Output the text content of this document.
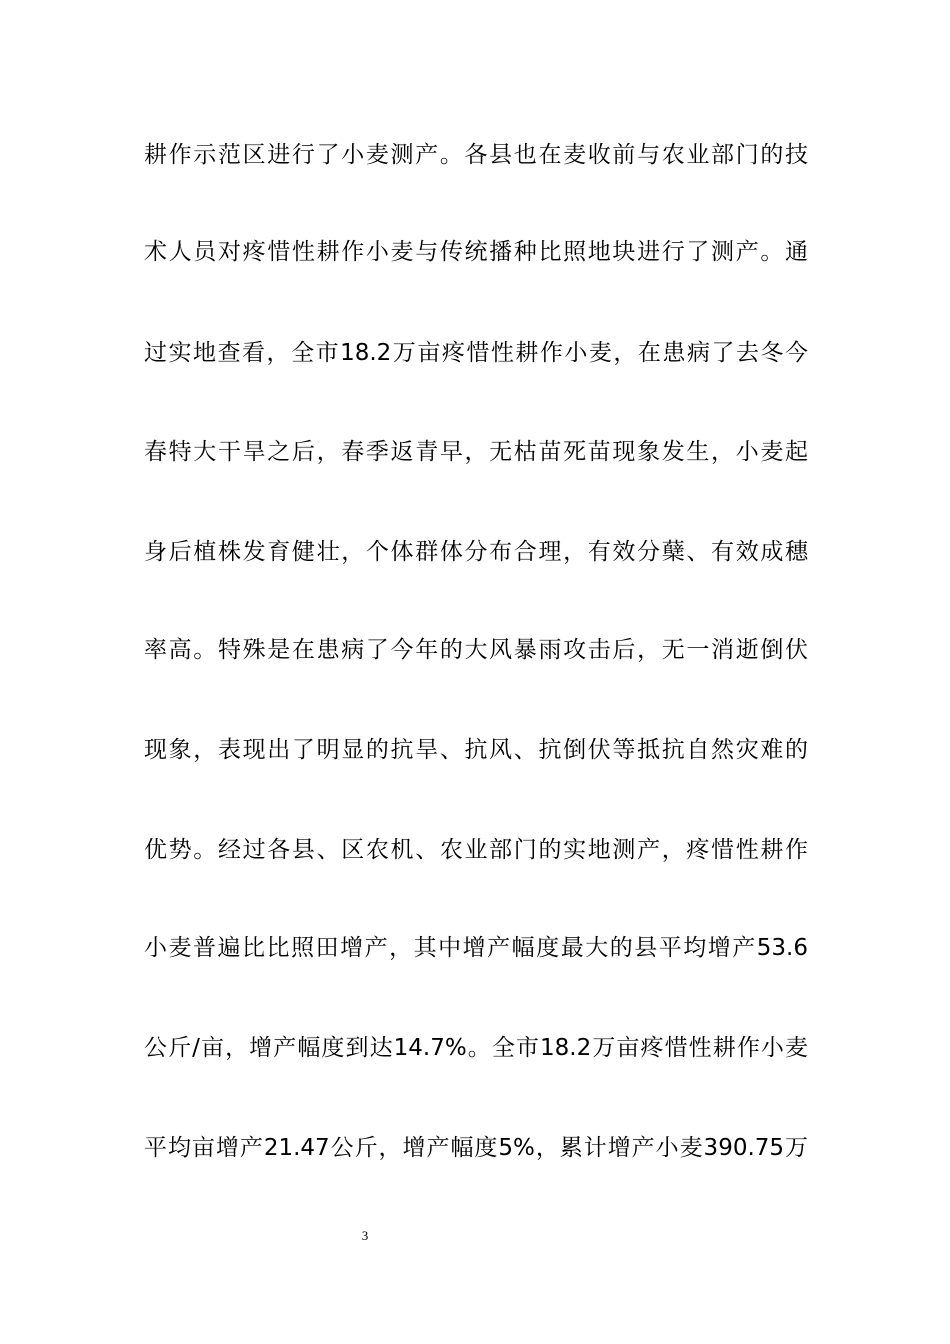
耕作示范区进行了小麦测产。各县也在麦收前与农业部门的技
术人员对疼惜性耕作小麦与传统播种比照地块进行了测产。通
过实地查看，全市18.2万亩疼惜性耕作小麦，在患病了去冬今
春特大干旱之后，春季返青早，无枯苗死苗现象发生，小麦起
身后植株发育健壮，个体群体分布合理，有效分蘖、有效成穗
率高。特殊是在患病了今年的大风暴雨攻击后，无一消逝倒伏
现象，表现出了明显的抗旱、抗风、抗倒伏等抵抗自然灾难的
优势。经过各县、区农机、农业部门的实地测产，疼惜性耕作
小麦普遍比比照田增产，其中增产幅度最大的县平均增产53.6
公斤/亩，增产幅度到达14.7%。全市18.2万亩疼惜性耕作小麦
平均亩增产21.47公斤，增产幅度5%，累计增产小麦390.75万
3
